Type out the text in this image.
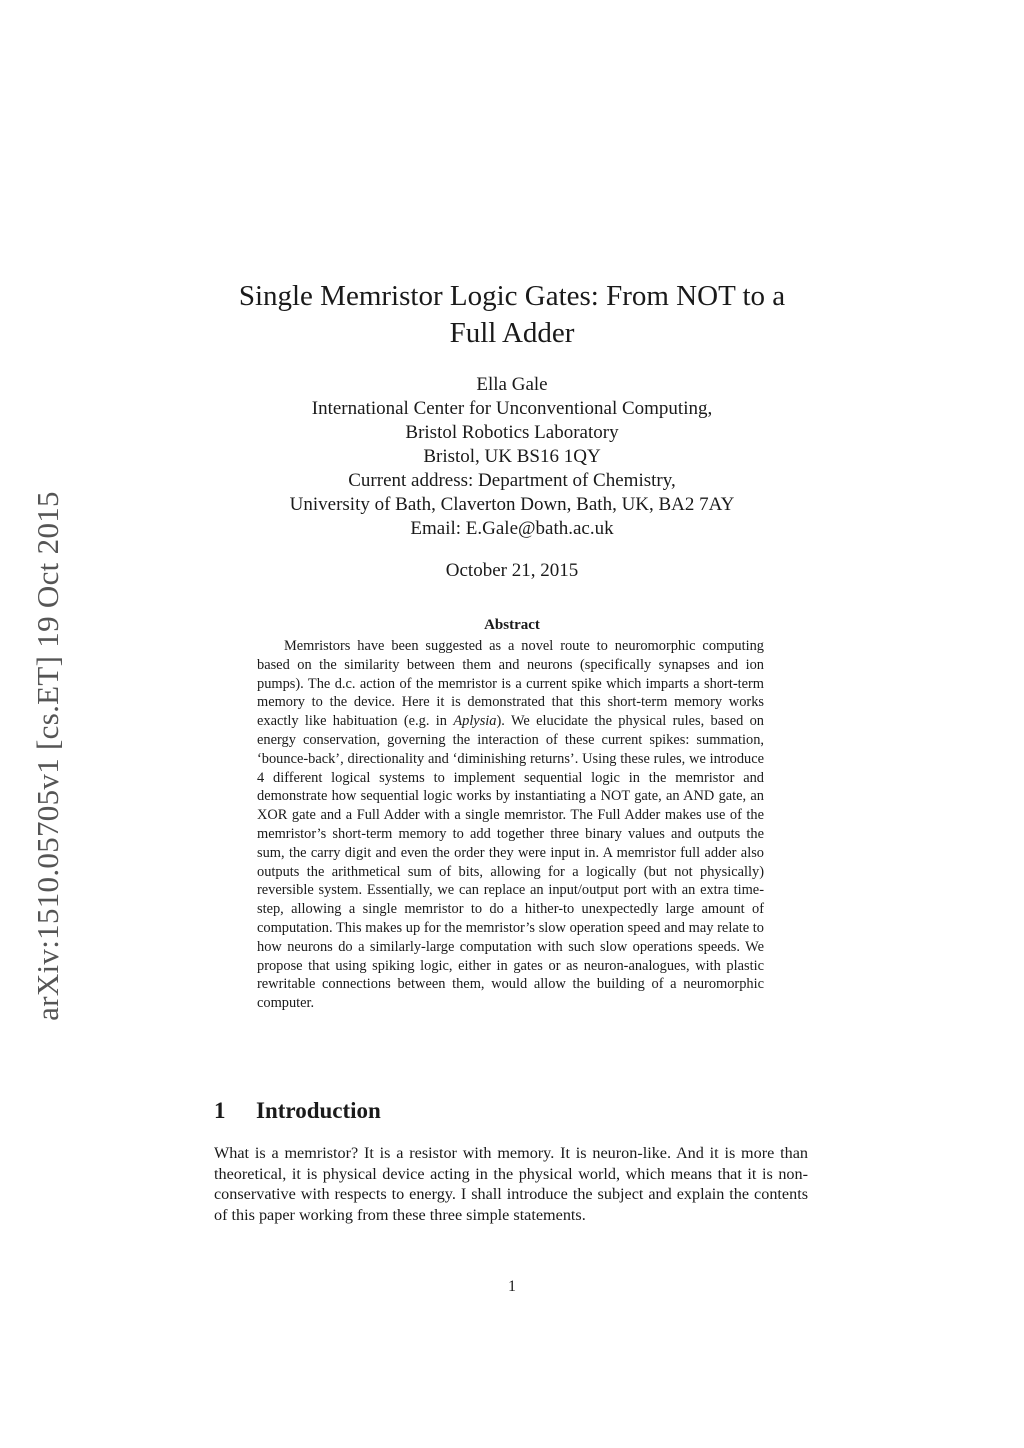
arXiv:1510.05705v1 [cs.ET] 19 Oct 2015
Single Memristor Logic Gates: From NOT to a Full Adder
Ella Gale
International Center for Unconventional Computing,
Bristol Robotics Laboratory
Bristol, UK BS16 1QY
Current address: Department of Chemistry,
University of Bath, Claverton Down, Bath, UK, BA2 7AY
Email: E.Gale@bath.ac.uk
October 21, 2015
Abstract

Memristors have been suggested as a novel route to neuromorphic computing based on the similarity between them and neurons (specifically synapses and ion pumps). The d.c. action of the memristor is a current spike which imparts a short-term memory to the device. Here it is demonstrated that this short-term memory works exactly like habituation (e.g. in Aplysia). We elucidate the physical rules, based on energy conservation, governing the interaction of these current spikes: summation, ‘bounce-back’, directionality and ‘diminishing returns’. Using these rules, we introduce 4 different logical systems to implement sequential logic in the memristor and demonstrate how sequential logic works by instantiating a NOT gate, an AND gate, an XOR gate and a Full Adder with a single memristor. The Full Adder makes use of the memristor’s short-term memory to add together three binary values and outputs the sum, the carry digit and even the order they were input in. A memristor full adder also outputs the arithmetical sum of bits, allowing for a logically (but not physically) reversible system. Essentially, we can replace an input/output port with an extra time-step, allowing a single memristor to do a hither-to unexpectedly large amount of computation. This makes up for the memristor’s slow operation speed and may relate to how neurons do a similarly-large computation with such slow operations speeds. We propose that using spiking logic, either in gates or as neuron-analogues, with plastic rewritable connections between them, would allow the building of a neuromorphic computer.

1 Introduction

What is a memristor? It is a resistor with memory. It is neuron-like. And it is more than theoretical, it is physical device acting in the physical world, which means that it is non-conservative with respects to energy. I shall introduce the subject and explain the contents of this paper working from these three simple statements.

1
